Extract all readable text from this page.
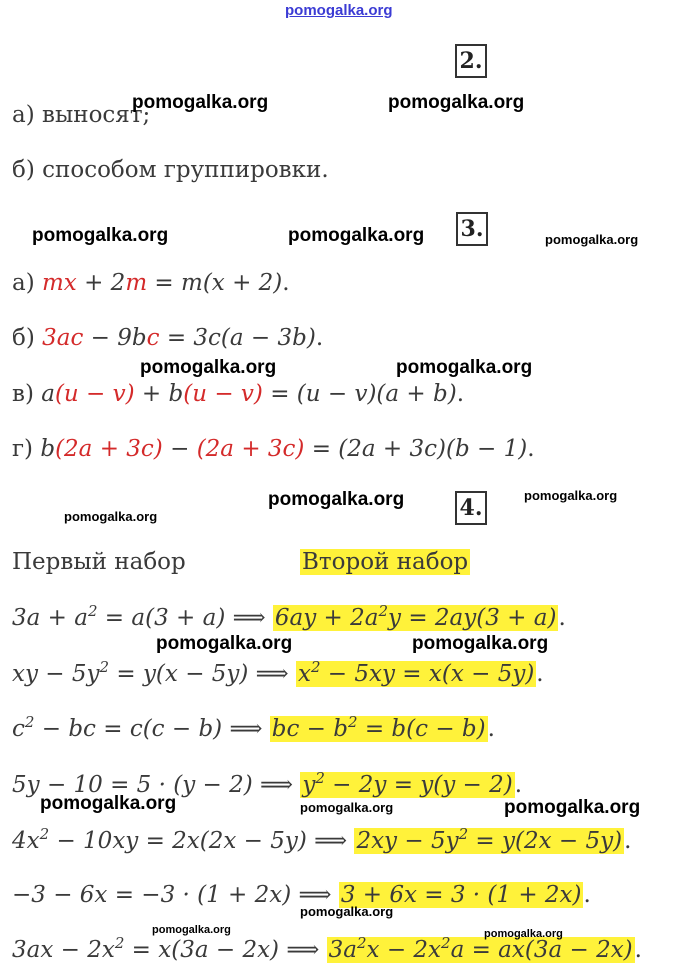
pomogalka.org
2.
а) выносят;
б) способом группировки.
3.
а) mx + 2m = m(x + 2).
б) 3ac − 9bc = 3c(a − 3b).
в) a(u − v) + b(u − v) = (u − v)(a + b).
г) b(2a + 3c) − (2a + 3c) = (2a + 3c)(b − 1).
4.
Первый набор	Второй набор
$3a + a^2 = a(3 + a)$ ⟹ $6ay + 2a^2y = 2ay(3 + a)$.
xy − $5y^2 = y(x - 5y)$ ⟹ $x^2 - 5xy = x(x - 5y)$.
$c^2$ − bc = c(c − b) ⟹ bc − $b^2 = b(c - b)$.
5y − 10 = 5 · (y − 2) ⟹ $y^2 - 2y = y(y - 2)$.
$4x^2 - 10xy = 2x(2x - 5y)$ ⟹ $2xy - 5y^2 = y(2x - 5y)$.
−3 − 6x = −3 · (1 + 2x) ⟹ 3 + 6x = 3 · (1 + 2x).
$3ax - 2x^2 = x(3a - 2x)$ ⟹ $3a^2x - 2x^2a = ax(3a - 2x)$.
pomogalka.org	pomogalka.org
pomogalka.org	pomogalka.org	pomogalka.org
pomogalka.org	pomogalka.org
pomogalka.org	pomogalka.org
pomogalka.org
pomogalka.org	pomogalka.org
pomogalka.org	pomogalka.org	pomogalka.org
pomogalka.org
pomogalka.org	pomogalka.org
